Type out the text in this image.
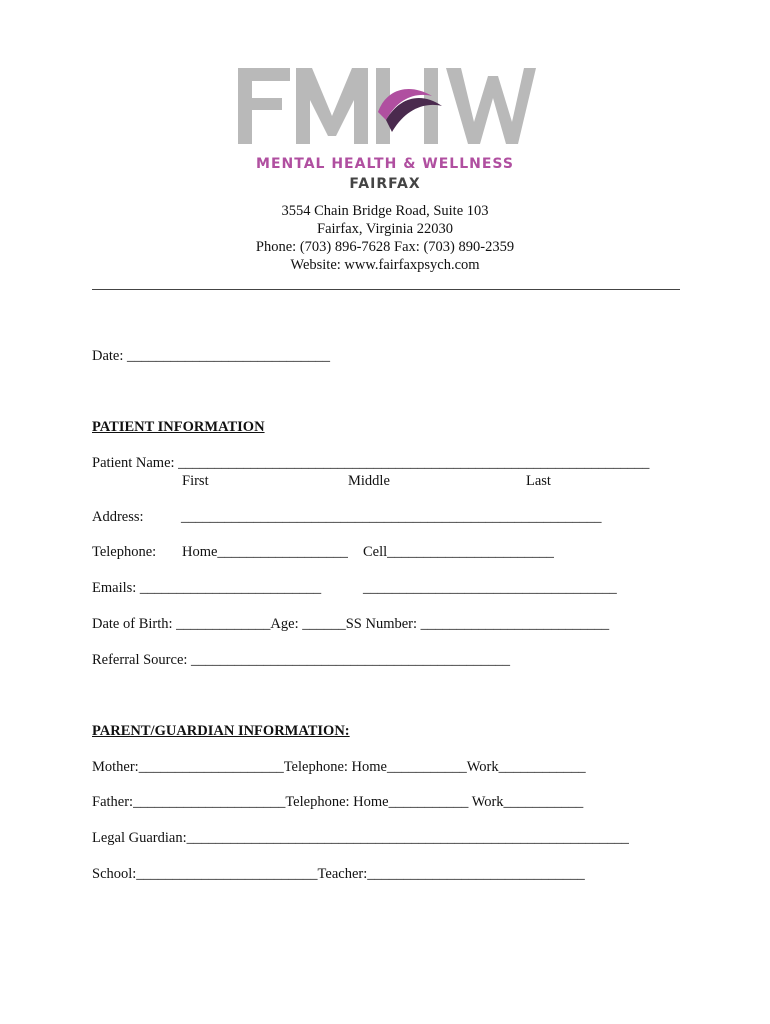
MENTAL HEALTH & WELLNESS
FAIRFAX
3554 Chain Bridge Road, Suite 103
Fairfax, Virginia 22030
Phone: (703) 896-7628 Fax: (703) 890-2359
Website: www.fairfaxpsych.com
Date: ____________________________
PATIENT INFORMATION
Patient Name: _________________________________________________________________
First	Middle	Last
Address:	__________________________________________________________
Telephone: Home__________________ Cell_______________________
Emails: _________________________	___________________________________
Date of Birth: _____________Age: ______SS Number: __________________________
Referral Source: ____________________________________________
PARENT/GUARDIAN INFORMATION:
Mother:____________________Telephone: Home___________Work____________
Father:_____________________Telephone: Home___________ Work___________
Legal Guardian:_____________________________________________________________
School:_________________________Teacher:______________________________
